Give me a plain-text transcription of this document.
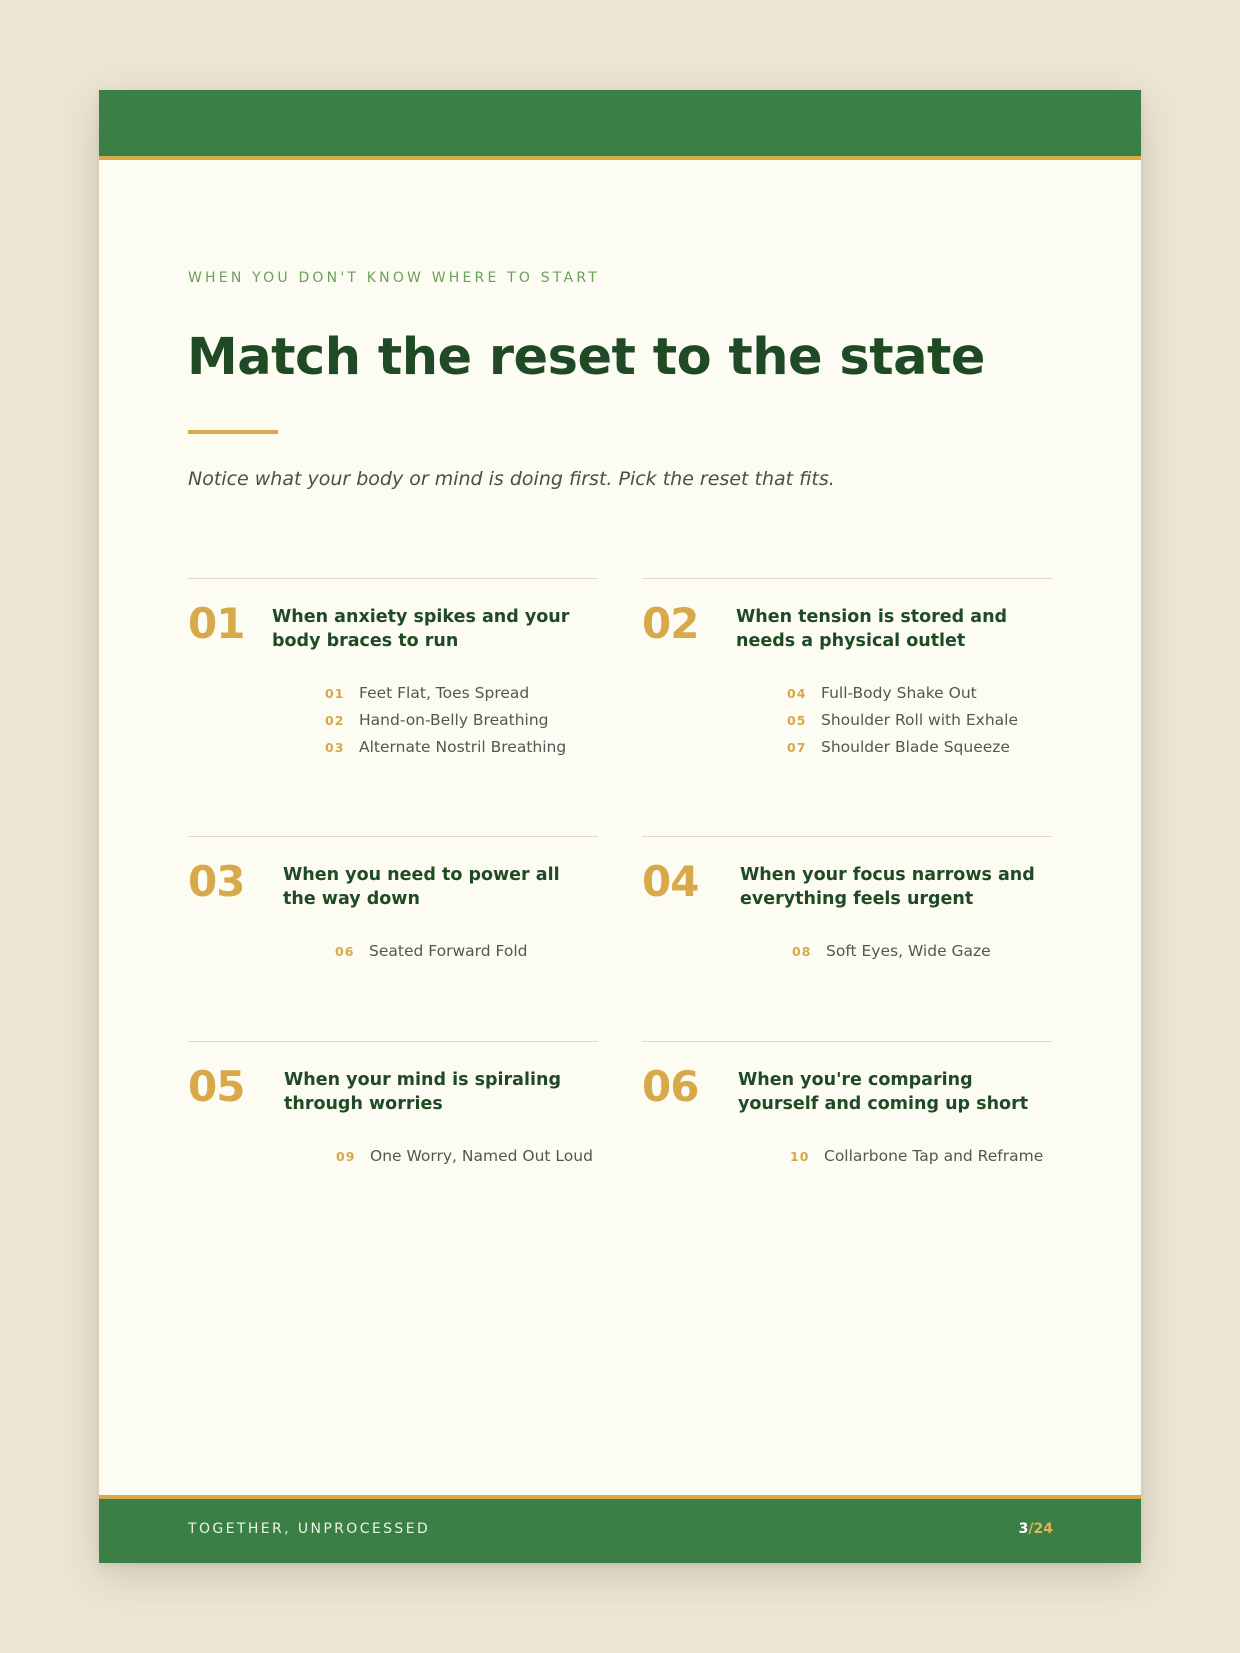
WHEN YOU DON'T KNOW WHERE TO START
Match the reset to the state

Notice what your body or mind is doing first. Pick the reset that fits.

01 When anxiety spikes and your body braces to run
01 Feet Flat, Toes Spread
02 Hand-on-Belly Breathing
03 Alternate Nostril Breathing
02 When tension is stored and needs a physical outlet
04 Full-Body Shake Out
05 Shoulder Roll with Exhale
07 Shoulder Blade Squeeze
03 When you need to power all the way down
06 Seated Forward Fold
04 When your focus narrows and everything feels urgent
08 Soft Eyes, Wide Gaze
05 When your mind is spiraling through worries
09 One Worry, Named Out Loud
06 When you're comparing yourself and coming up short
10 Collarbone Tap and Reframe
TOGETHER, UNPROCESSED	3/24
